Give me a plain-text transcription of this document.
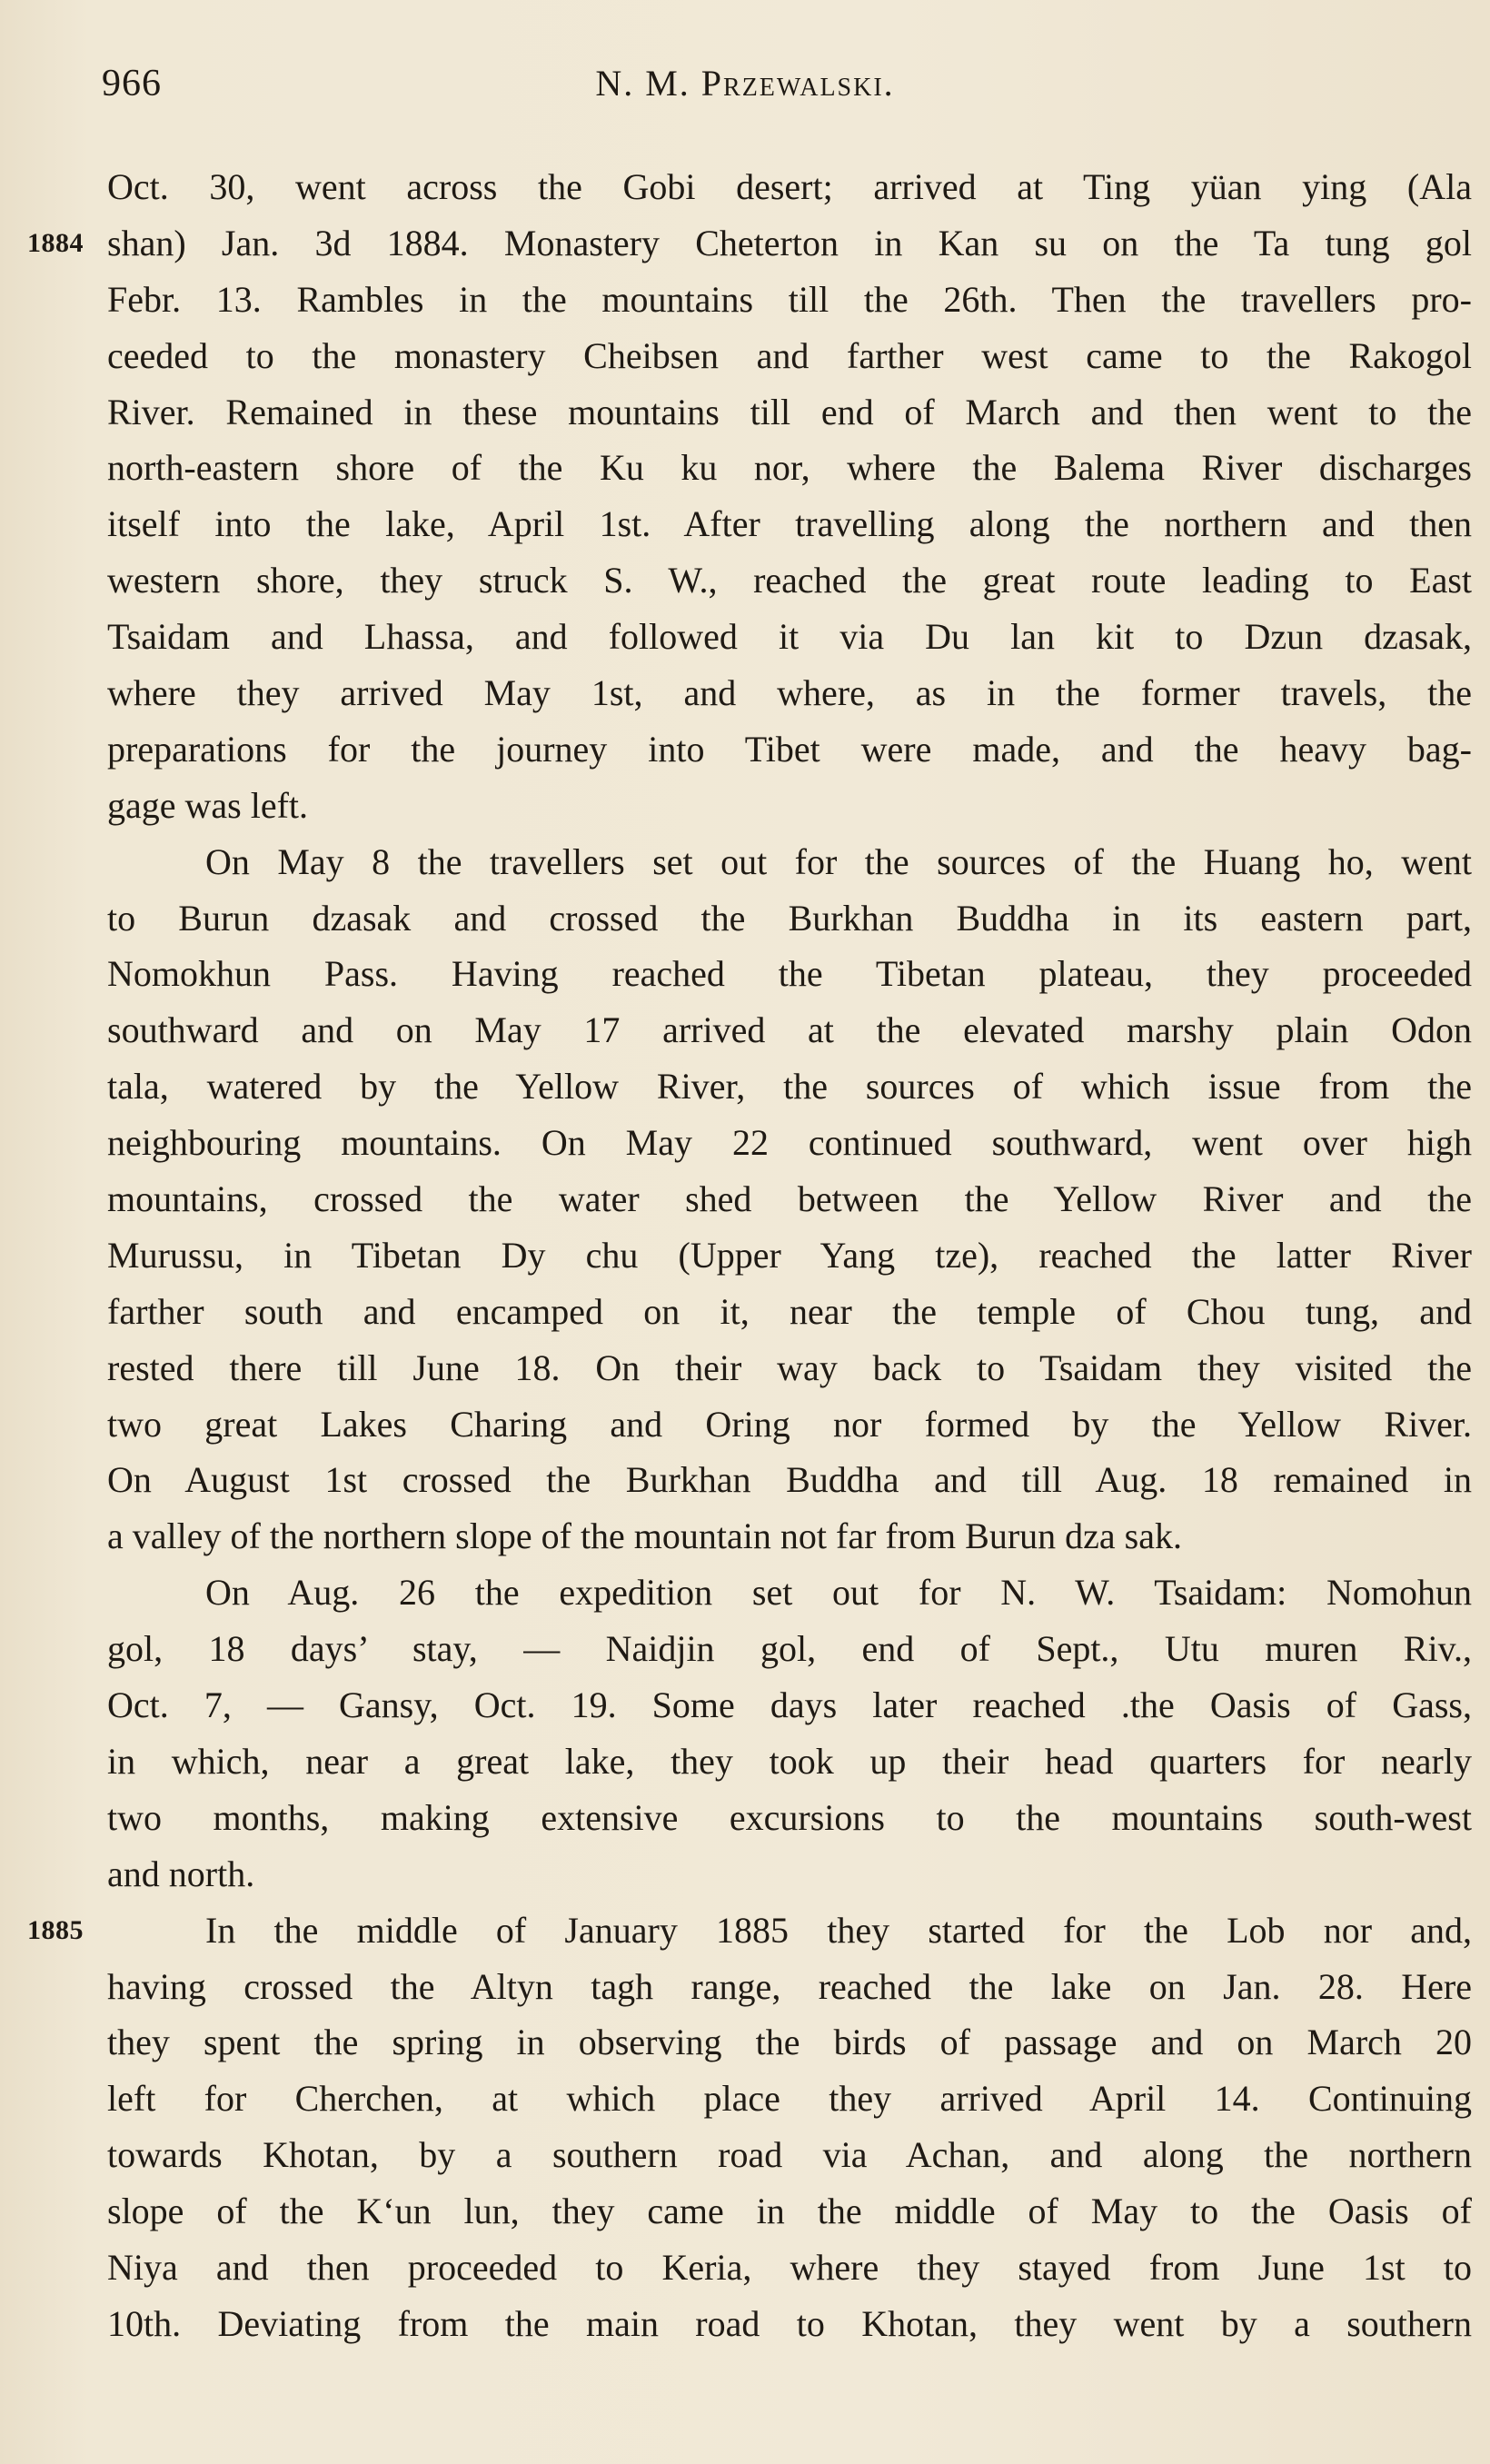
966	N. M. Przewalski.
Oct. 30, went across the Gobi desert; arrived at Ting yüan ying (Ala
1884 shan) Jan. 3d 1884. Monastery Cheterton in Kan su on the Ta tung gol
Febr. 13. Rambles in the mountains till the 26th. Then the travellers pro-
ceeded to the monastery Cheibsen and farther west came to the Rakogol
River. Remained in these mountains till end of March and then went to the
north-eastern shore of the Ku ku nor, where the Balema River discharges
itself into the lake, April 1st. After travelling along the northern and then
western shore, they struck S. W., reached the great route leading to East
Tsaidam and Lhassa, and followed it via Du lan kit to Dzun dzasak,
where they arrived May 1st, and where, as in the former travels, the
preparations for the journey into Tibet were made, and the heavy bag-
gage was left.
On May 8 the travellers set out for the sources of the Huang ho, went
to Burun dzasak and crossed the Burkhan Buddha in its eastern part,
Nomokhun Pass. Having reached the Tibetan plateau, they proceeded
southward and on May 17 arrived at the elevated marshy plain Odon
tala, watered by the Yellow River, the sources of which issue from the
neighbouring mountains. On May 22 continued southward, went over high
mountains, crossed the water shed between the Yellow River and the
Murussu, in Tibetan Dy chu (Upper Yang tze), reached the latter River
farther south and encamped on it, near the temple of Chou tung, and
rested there till June 18. On their way back to Tsaidam they visited the
two great Lakes Charing and Oring nor formed by the Yellow River.
On August 1st crossed the Burkhan Buddha and till Aug. 18 remained in
a valley of the northern slope of the mountain not far from Burun dza sak.
On Aug. 26 the expedition set out for N. W. Tsaidam: Nomohun
gol, 18 days’ stay, — Naidjin gol, end of Sept., Utu muren Riv.,
Oct. 7, — Gansy, Oct. 19. Some days later reached .the Oasis of Gass,
in which, near a great lake, they took up their head quarters for nearly
two months, making extensive excursions to the mountains south-west
and north.
1885	In the middle of January 1885 they started for the Lob nor and,
having crossed the Altyn tagh range, reached the lake on Jan. 28. Here
they spent the spring in observing the birds of passage and on March 20
left for Cherchen, at which place they arrived April 14. Continuing
towards Khotan, by a southern road via Achan, and along the northern
slope of the K‘un lun, they came in the middle of May to the Oasis of
Niya and then proceeded to Keria, where they stayed from June 1st to
10th. Deviating from the main road to Khotan, they went by a southern
